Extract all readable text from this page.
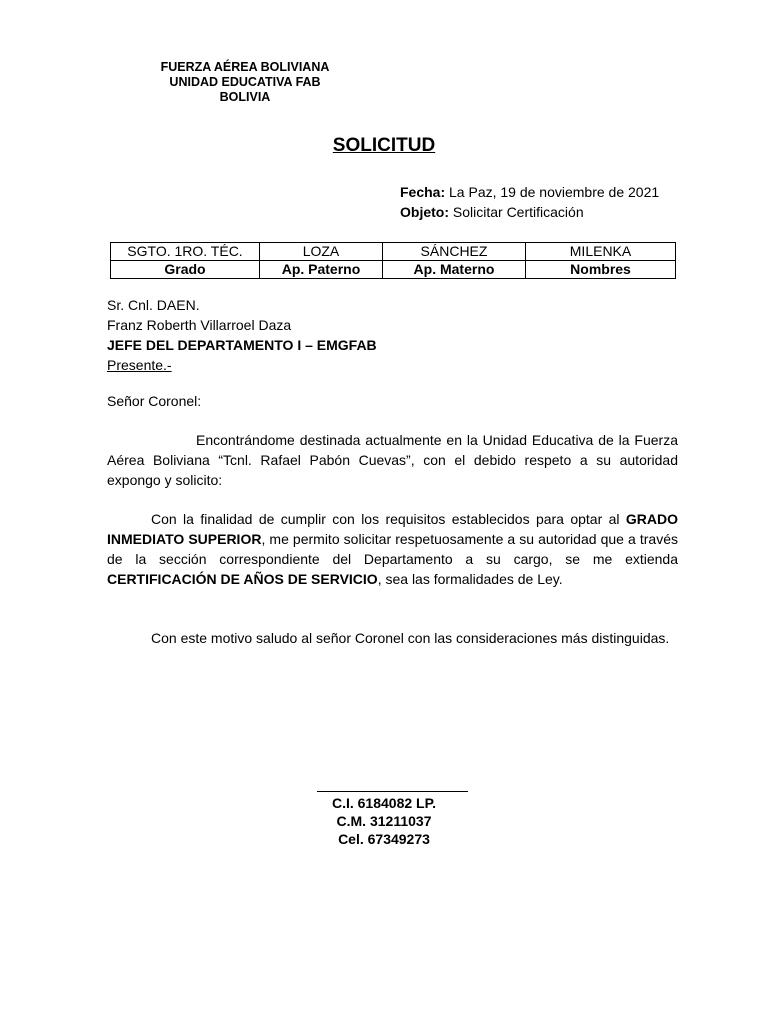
FUERZA AÉREA BOLIVIANA
UNIDAD EDUCATIVA FAB
BOLIVIA
SOLICITUD
Fecha: La Paz, 19 de noviembre de 2021
Objeto: Solicitar Certificación
SGTO. 1RO. TÉC.	LOZA	SÁNCHEZ	MILENKA
Grado	Ap. Paterno	Ap. Materno	Nombres
Sr. Cnl. DAEN.
Franz Roberth Villarroel Daza
JEFE DEL DEPARTAMENTO I – EMGFAB
Presente.-
Señor Coronel:
Encontrándome destinada actualmente en la Unidad Educativa de la Fuerza Aérea Boliviana “Tcnl. Rafael Pabón Cuevas”, con el debido respeto a su autoridad expongo y solicito:
Con la finalidad de cumplir con los requisitos establecidos para optar al GRADO INMEDIATO SUPERIOR, me permito solicitar respetuosamente a su autoridad que a través de la sección correspondiente del Departamento a su cargo, se me extienda CERTIFICACIÓN DE AÑOS DE SERVICIO, sea las formalidades de Ley.
Con este motivo saludo al señor Coronel con las consideraciones más distinguidas.
C.I. 6184082 LP.
C.M. 31211037
Cel. 67349273
